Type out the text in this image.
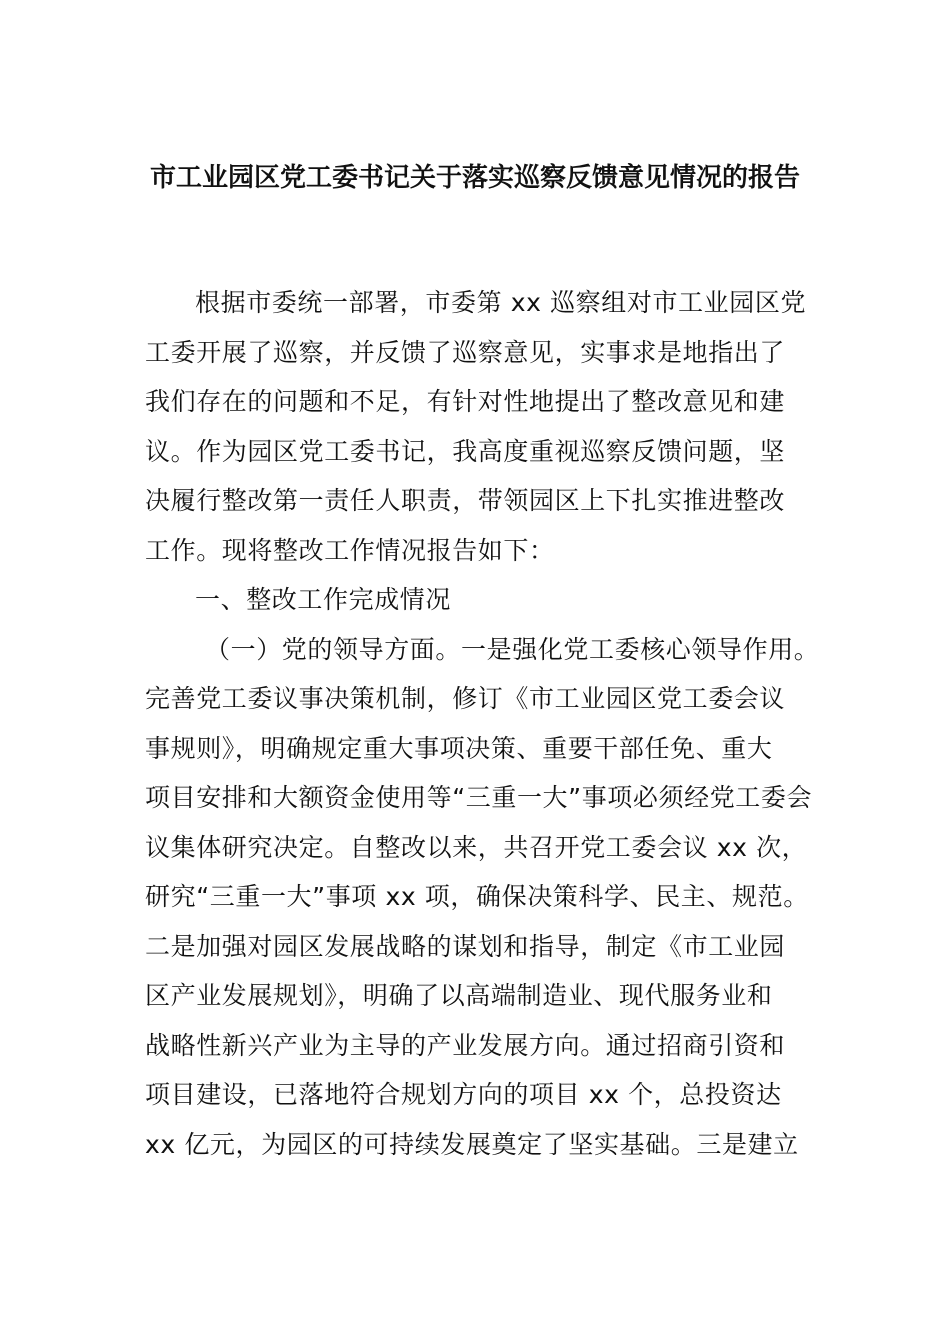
市工业园区党工委书记关于落实巡察反馈意见情况的报告
根据市委统一部署，市委第 xx 巡察组对市工业园区党
工委开展了巡察，并反馈了巡察意见，实事求是地指出了
我们存在的问题和不足，有针对性地提出了整改意见和建
议。作为园区党工委书记，我高度重视巡察反馈问题，坚
决履行整改第一责任人职责，带领园区上下扎实推进整改
工作。现将整改工作情况报告如下：
一、整改工作完成情况
（一）党的领导方面。一是强化党工委核心领导作用。
完善党工委议事决策机制，修订《市工业园区党工委会议
事规则》，明确规定重大事项决策、重要干部任免、重大
项目安排和大额资金使用等“三重一大”事项必须经党工委会
议集体研究决定。自整改以来，共召开党工委会议 xx 次，
研究“三重一大”事项 xx 项，确保决策科学、民主、规范。
二是加强对园区发展战略的谋划和指导，制定《市工业园
区产业发展规划》，明确了以高端制造业、现代服务业和
战略性新兴产业为主导的产业发展方向。通过招商引资和
项目建设，已落地符合规划方向的项目 xx 个，总投资达
xx 亿元，为园区的可持续发展奠定了坚实基础。三是建立
